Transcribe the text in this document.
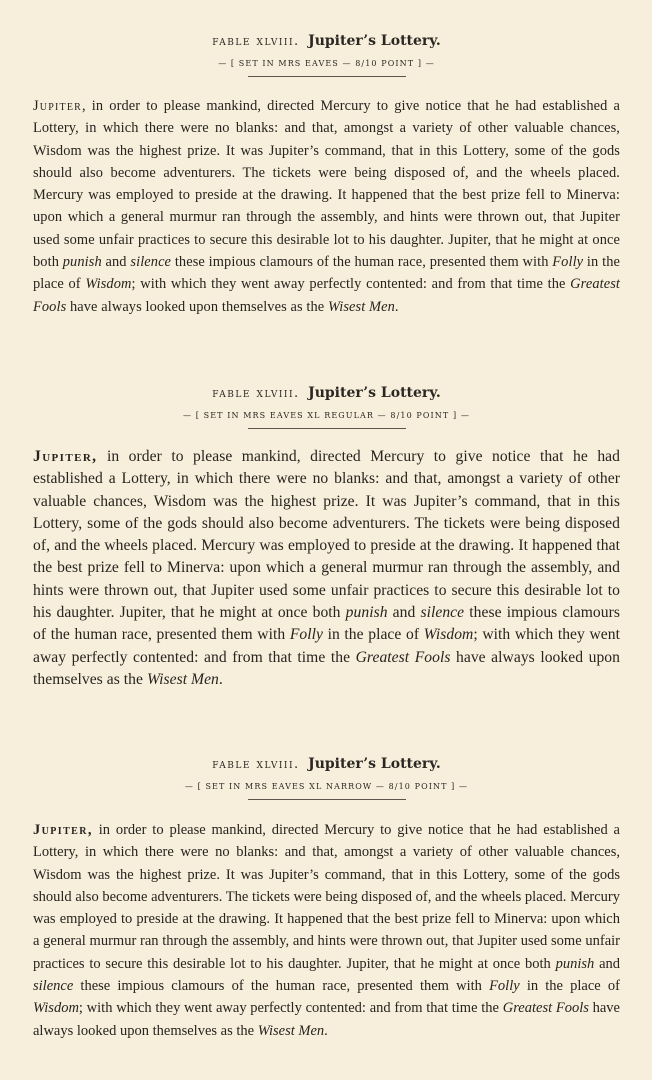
fable xlviii. Jupiter’s Lottery.
— [ SET IN MRS EAVES — 8/10 POINT ] —

Jupiter, in order to please mankind, directed Mercury to give notice that he had established a Lottery, in which there were no blanks: and that, amongst a variety of other valuable chances, Wisdom was the highest prize. It was Jupiter’s command, that in this Lottery, some of the gods should also become adventurers. The tickets were being disposed of, and the wheels placed. Mercury was employed to preside at the drawing. It happened that the best prize fell to Minerva: upon which a general murmur ran through the assembly, and hints were thrown out, that Jupiter used some unfair practices to secure this desirable lot to his daughter. Jupiter, that he might at once both punish and silence these impious clamours of the human race, presented them with Folly in the place of Wisdom; with which they went away perfectly contented: and from that time the Greatest Fools have always looked upon themselves as the Wisest Men.

fable xlviii. Jupiter’s Lottery.
— [ SET IN MRS EAVES XL REGULAR — 8/10 POINT ] —

Jupiter, in order to please mankind, directed Mercury to give notice that he had established a Lottery, in which there were no blanks: and that, amongst a variety of other valuable chances, Wisdom was the highest prize. It was Jupiter’s command, that in this Lottery, some of the gods should also become adventurers. The tickets were being disposed of, and the wheels placed. Mercury was employed to preside at the drawing. It happened that the best prize fell to Minerva: upon which a general murmur ran through the assembly, and hints were thrown out, that Jupiter used some unfair practices to secure this desirable lot to his daughter. Jupiter, that he might at once both punish and silence these impious clamours of the human race, presented them with Folly in the place of Wisdom; with which they went away perfectly contented: and from that time the Greatest Fools have always looked upon themselves as the Wisest Men.

fable xlviii. Jupiter’s Lottery.
— [ SET IN MRS EAVES XL NARROW — 8/10 POINT ] —

Jupiter, in order to please mankind, directed Mercury to give notice that he had established a Lottery, in which there were no blanks: and that, amongst a variety of other valuable chances, Wisdom was the highest prize. It was Jupiter’s command, that in this Lottery, some of the gods should also become adventurers. The tickets were being disposed of, and the wheels placed. Mercury was employed to preside at the drawing. It happened that the best prize fell to Minerva: upon which a general murmur ran through the assembly, and hints were thrown out, that Jupiter used some unfair practices to secure this desirable lot to his daughter. Jupiter, that he might at once both punish and silence these impious clamours of the human race, presented them with Folly in the place of Wisdom; with which they went away perfectly contented: and from that time the Greatest Fools have always looked upon themselves as the Wisest Men.
